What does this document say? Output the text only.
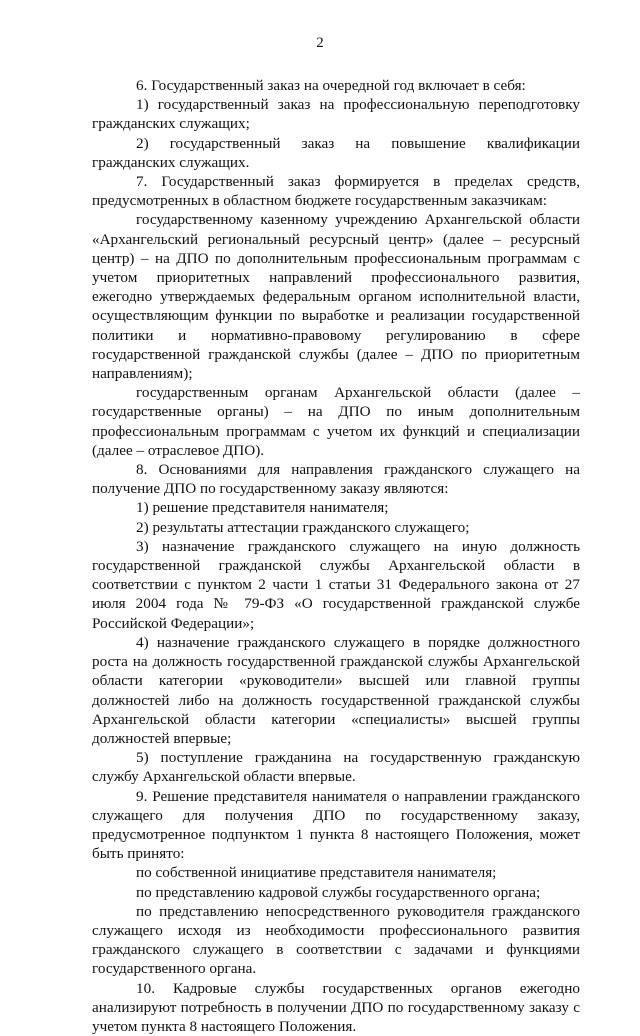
2

6. Государственный заказ на очередной год включает в себя:

1) государственный заказ на профессиональную переподготовку гражданских служащих;

2) государственный заказ на повышение квалификации гражданских служащих.

7. Государственный заказ формируется в пределах средств, предусмотренных в областном бюджете государственным заказчикам:

государственному казенному учреждению Архангельской области «Архангельский региональный ресурсный центр» (далее – ресурсный центр) – на ДПО по дополнительным профессиональным программам с учетом приоритетных направлений профессионального развития, ежегодно утверждаемых федеральным органом исполнительной власти, осуществляющим функции по выработке и реализации государственной политики и нормативно-правовому регулированию в сфере государственной гражданской службы (далее – ДПО по приоритетным направлениям);

государственным органам Архангельской области (далее – государственные органы) – на ДПО по иным дополнительным профессиональным программам с учетом их функций и специализации (далее – отраслевое ДПО).

8. Основаниями для направления гражданского служащего на получение ДПО по государственному заказу являются:

1) решение представителя нанимателя;

2) результаты аттестации гражданского служащего;

3) назначение гражданского служащего на иную должность государственной гражданской службы Архангельской области в соответствии с пунктом 2 части 1 статьи 31 Федерального закона от 27 июля 2004 года № 79-ФЗ «О государственной гражданской службе Российской Федерации»;

4) назначение гражданского служащего в порядке должностного роста на должность государственной гражданской службы Архангельской области категории «руководители» высшей или главной группы должностей либо на должность государственной гражданской службы Архангельской области категории «специалисты» высшей группы должностей впервые;

5) поступление гражданина на государственную гражданскую службу Архангельской области впервые.

9. Решение представителя нанимателя о направлении гражданского служащего для получения ДПО по государственному заказу, предусмотренное подпунктом 1 пункта 8 настоящего Положения, может быть принято:

по собственной инициативе представителя нанимателя;

по представлению кадровой службы государственного органа;

по представлению непосредственного руководителя гражданского служащего исходя из необходимости профессионального развития гражданского служащего в соответствии с задачами и функциями государственного органа.

10. Кадровые службы государственных органов ежегодно анализируют потребность в получении ДПО по государственному заказу с учетом пункта 8 настоящего Положения.
